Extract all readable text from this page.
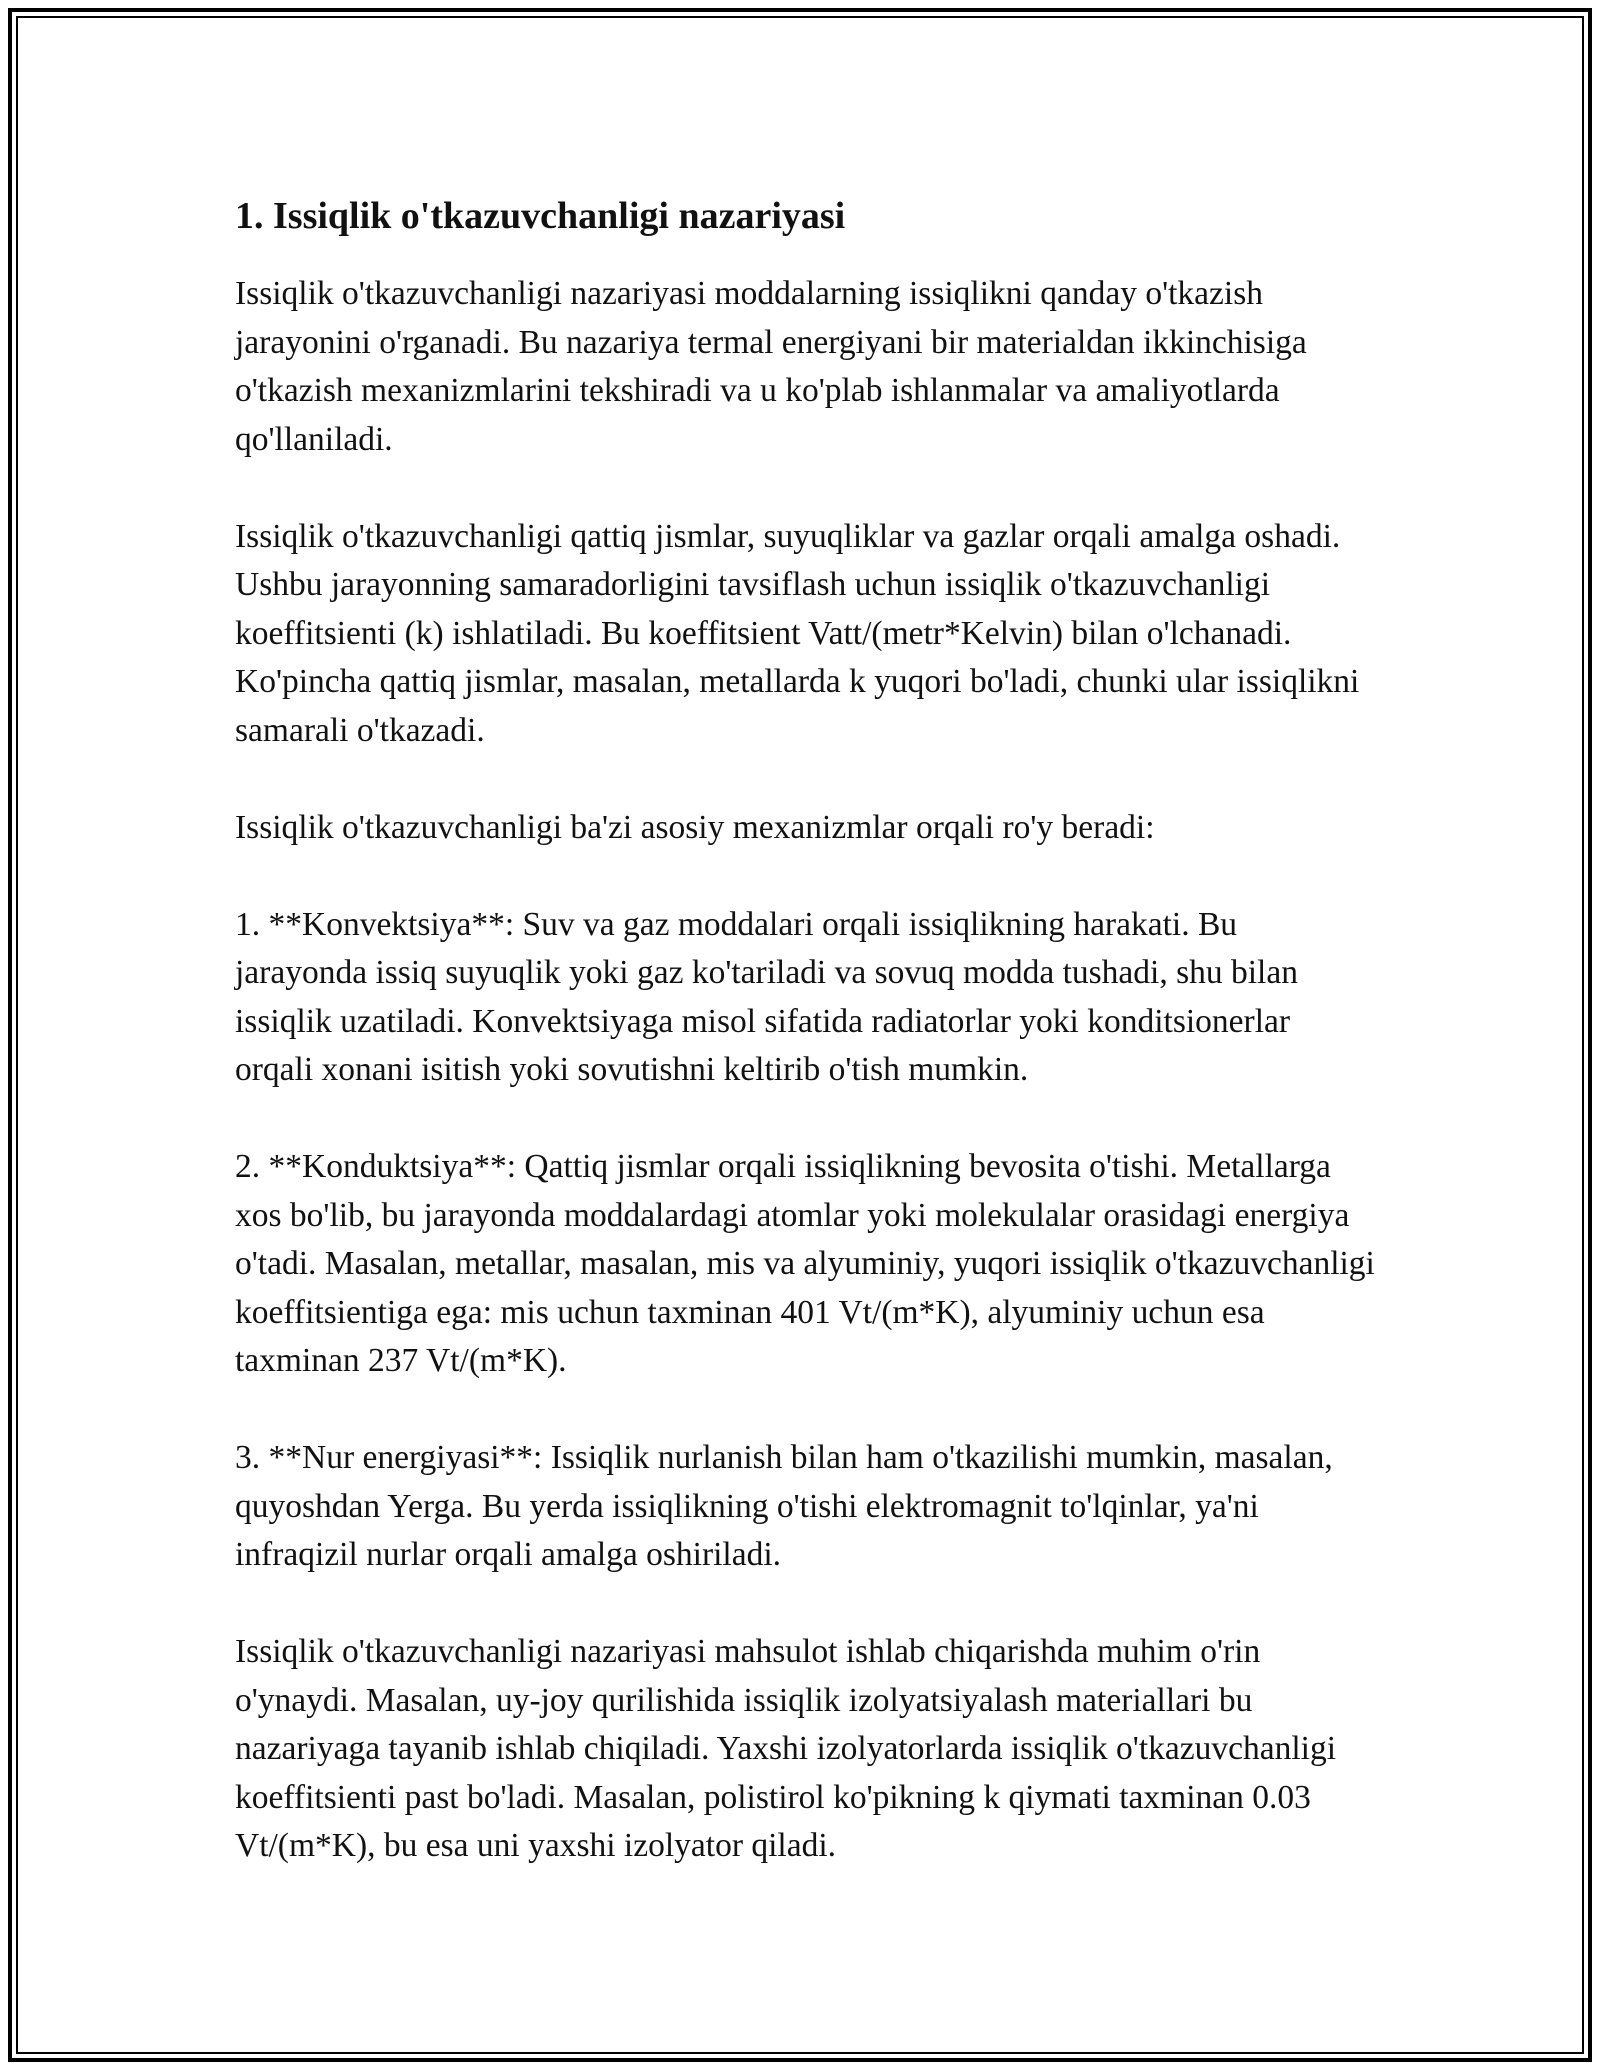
1. Issiqlik o'tkazuvchanligi nazariyasi

Issiqlik o'tkazuvchanligi nazariyasi moddalarning issiqlikni qanday o'tkazish jarayonini o'rganadi. Bu nazariya termal energiyani bir materialdan ikkinchisiga o'tkazish mexanizmlarini tekshiradi va u ko'plab ishlanmalar va amaliyotlarda qo'llaniladi.

Issiqlik o'tkazuvchanligi qattiq jismlar, suyuqliklar va gazlar orqali amalga oshadi. Ushbu jarayonning samaradorligini tavsiflash uchun issiqlik o'tkazuvchanligi koeffitsienti (k) ishlatiladi. Bu koeffitsient Vatt/(metr*Kelvin) bilan o'lchanadi. Ko'pincha qattiq jismlar, masalan, metallarda k yuqori bo'ladi, chunki ular issiqlikni samarali o'tkazadi.

Issiqlik o'tkazuvchanligi ba'zi asosiy mexanizmlar orqali ro'y beradi:

1. **Konvektsiya**: Suv va gaz moddalari orqali issiqlikning harakati. Bu jarayonda issiq suyuqlik yoki gaz ko'tariladi va sovuq modda tushadi, shu bilan issiqlik uzatiladi. Konvektsiyaga misol sifatida radiatorlar yoki konditsionerlar orqali xonani isitish yoki sovutishni keltirib o'tish mumkin.

2. **Konduktsiya**: Qattiq jismlar orqali issiqlikning bevosita o'tishi. Metallarga xos bo'lib, bu jarayonda moddalardagi atomlar yoki molekulalar orasidagi energiya o'tadi. Masalan, metallar, masalan, mis va alyuminiy, yuqori issiqlik o'tkazuvchanligi koeffitsientiga ega: mis uchun taxminan 401 Vt/(m*K), alyuminiy uchun esa taxminan 237 Vt/(m*K).

3. **Nur energiyasi**: Issiqlik nurlanish bilan ham o'tkazilishi mumkin, masalan, quyoshdan Yerga. Bu yerda issiqlikning o'tishi elektromagnit to'lqinlar, ya'ni infraqizil nurlar orqali amalga oshiriladi.

Issiqlik o'tkazuvchanligi nazariyasi mahsulot ishlab chiqarishda muhim o'rin o'ynaydi. Masalan, uy-joy qurilishida issiqlik izolyatsiyalash materiallari bu nazariyaga tayanib ishlab chiqiladi. Yaxshi izolyatorlarda issiqlik o'tkazuvchanligi koeffitsienti past bo'ladi. Masalan, polistirol ko'pikning k qiymati taxminan 0.03 Vt/(m*K), bu esa uni yaxshi izolyator qiladi.
